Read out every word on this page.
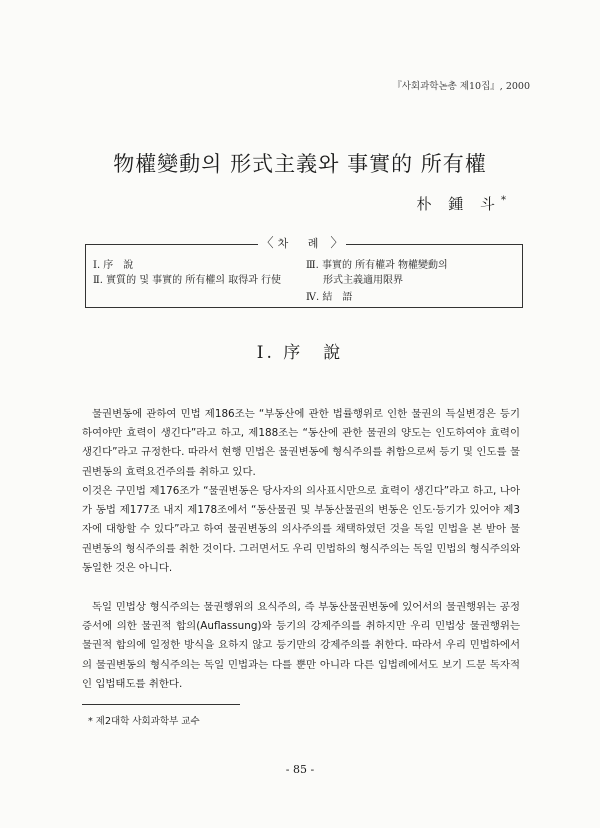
『사회과학논총 제10집』, 2000
物權變動의 形式主義와 事實的 所有權
朴 鍾 斗*
〈 차 례 〉
Ⅰ. 序　說
Ⅱ. 實質的 및 事實的 所有權의 取得과 行使
Ⅲ. 事實的 所有權과 物權變動의
形式主義適用限界
Ⅳ. 結　語
Ⅰ. 序　說

물권변동에 관하여 민법 제186조는 “부동산에 관한 법률행위로 인한 물권의 득실변경은 등기하여야만 효력이 생긴다”라고 하고, 제188조는 “동산에 관한 물권의 양도는 인도하여야 효력이 생긴다”라고 규정한다. 따라서 현행 민법은 물권변동에 형식주의를 취함으로써 등기 및 인도를 물권변동의 효력요건주의를 취하고 있다.

이것은 구민법 제176조가 “물권변동은 당사자의 의사표시만으로 효력이 생긴다”라고 하고, 나아가 동법 제177조 내지 제178조에서 “동산물권 및 부동산물권의 변동은 인도·등기가 있어야 제3자에 대항할 수 있다”라고 하여 물권변동의 의사주의를 채택하였던 것을 독일 민법을 본 받아 물권변동의 형식주의를 취한 것이다. 그러면서도 우리 민법하의 형식주의는 독일 민법의 형식주의와 동일한 것은 아니다.

독일 민법상 형식주의는 물권행위의 요식주의, 즉 부동산물권변동에 있어서의 물권행위는 공정증서에 의한 물권적 합의(Auflassung)와 등기의 강제주의를 취하지만 우리 민법상 물권행위는 물권적 합의에 일정한 방식을 요하지 않고 등기만의 강제주의를 취한다. 따라서 우리 민법하에서의 물권변동의 형식주의는 독일 민법과는 다를 뿐만 아니라 다른 입법례에서도 보기 드문 독자적인 입법태도를 취한다.

* 제2대학 사회과학부 교수
- 85 -
